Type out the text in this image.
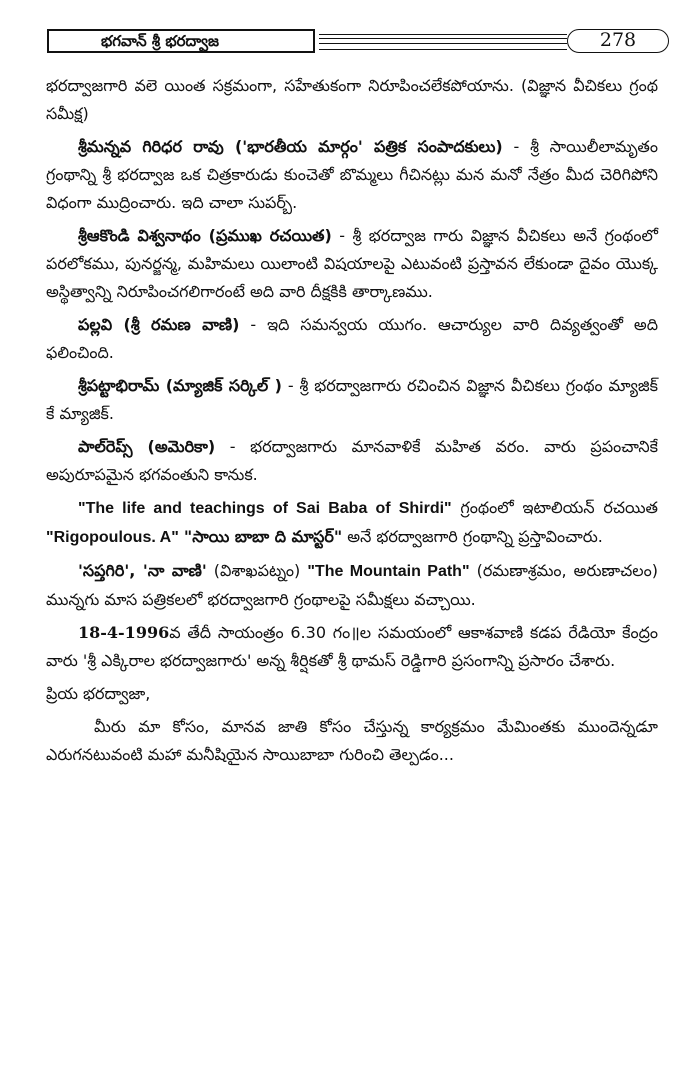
భగవాన్ శ్రీ భరద్వాజ	278

భరద్వాజగారి వలె యింత సక్రమంగా, సహేతుకంగా నిరూపించలేకపోయాను. (విజ్ఞాన వీచికలు గ్రంథ సమీక్ష)

శ్రీమన్నవ గిరిధర రావు ('భారతీయ మార్గం' పత్రిక సంపాదకులు) - శ్రీ సాయిలీలామృతం గ్రంథాన్ని శ్రీ భరద్వాజ ఒక చిత్రకారుడు కుంచెతో బొమ్మలు గీచినట్లు మన మనో నేత్రం మీద చెరిగిపోని విధంగా ముద్రించారు. ఇది చాలా సుపర్బ్.

శ్రీఆకొండి విశ్వనాథం (ప్రముఖ రచయిత) - శ్రీ భరద్వాజ గారు విజ్ఞాన వీచికలు అనే గ్రంథంలో పరలోకము, పునర్జన్మ, మహిమలు యిలాంటి విషయాలపై ఎటువంటి ప్రస్తావన లేకుండా దైవం యొక్క అస్థిత్వాన్ని నిరూపించగలిగారంటే అది వారి దీక్షకికి తార్కాణము.

పల్లవి (శ్రీ రమణ వాణి) - ఇది సమన్వయ యుగం. ఆచార్యుల వారి దివ్యత్వంతో అది ఫలించింది.

శ్రీపట్టాభిరామ్ (మ్యాజిక్ సర్కిల్ ) - శ్రీ భరద్వాజగారు రచించిన విజ్ఞాన వీచికలు గ్రంథం మ్యాజిక్ కే మ్యాజిక్.

పాల్‌రెప్స్ (అమెరికా) - భరద్వాజగారు మానవాళికే మహిత వరం. వారు ప్రపంచానికే అపురూపమైన భగవంతుని కానుక.

"The life and teachings of Sai Baba of Shirdi" గ్రంథంలో ఇటాలియన్ రచయిత "Rigopoulous. A" "సాయి బాబా ది మాస్టర్" అనే భరద్వాజగారి గ్రంథాన్ని ప్రస్తావించారు.

'సప్తగిరి', 'నా వాణి' (విశాఖపట్నం) "The Mountain Path" (రమణాశ్రమం, అరుణాచలం) మున్నగు మాస పత్రికలలో భరద్వాజగారి గ్రంథాలపై సమీక్షలు వచ్చాయి.

18-4-1996వ తేదీ సాయంత్రం 6.30 గం॥ల సమయంలో ఆకాశవాణి కడప రేడియో కేంద్రం వారు 'శ్రీ ఎక్కిరాల భరద్వాజగారు' అన్న శీర్షికతో శ్రీ థామస్ రెడ్డిగారి ప్రసంగాన్ని ప్రసారం చేశారు.

ప్రియ భరద్వాజా,

మీరు మా కోసం, మానవ జాతి కోసం చేస్తున్న కార్యక్రమం మేమింతకు ముందెన్నడూ ఎరుగనటువంటి మహా మనీషియైన సాయిబాబా గురించి తెల్పడం...
